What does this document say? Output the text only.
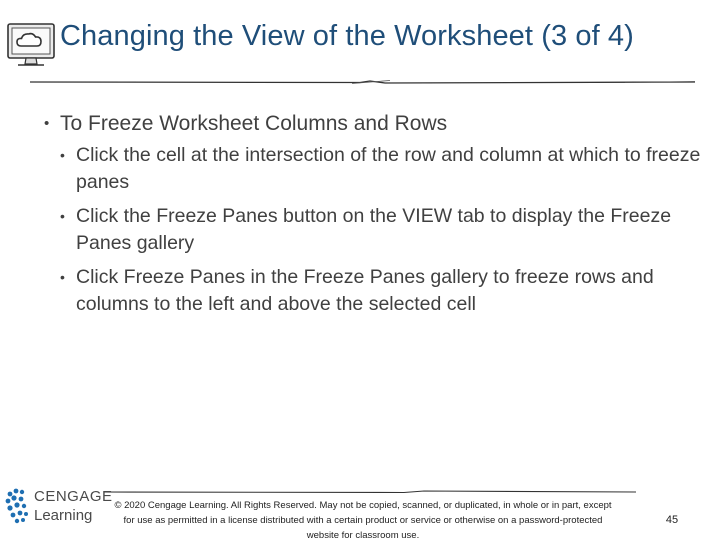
Changing the View of the Worksheet (3 of 4)
• To Freeze Worksheet Columns and Rows
• Click the cell at the intersection of the row and column at which to freeze panes
• Click the Freeze Panes button on the VIEW tab to display the Freeze Panes gallery
• Click Freeze Panes in the Freeze Panes gallery to freeze rows and columns to the left and above the selected cell
CENGAGE
Learning
© 2020 Cengage Learning. All Rights Reserved. May not be copied, scanned, or duplicated, in whole or in part, except for use as permitted in a license distributed with a certain product or service or otherwise on a password-protected website for classroom use.
45
